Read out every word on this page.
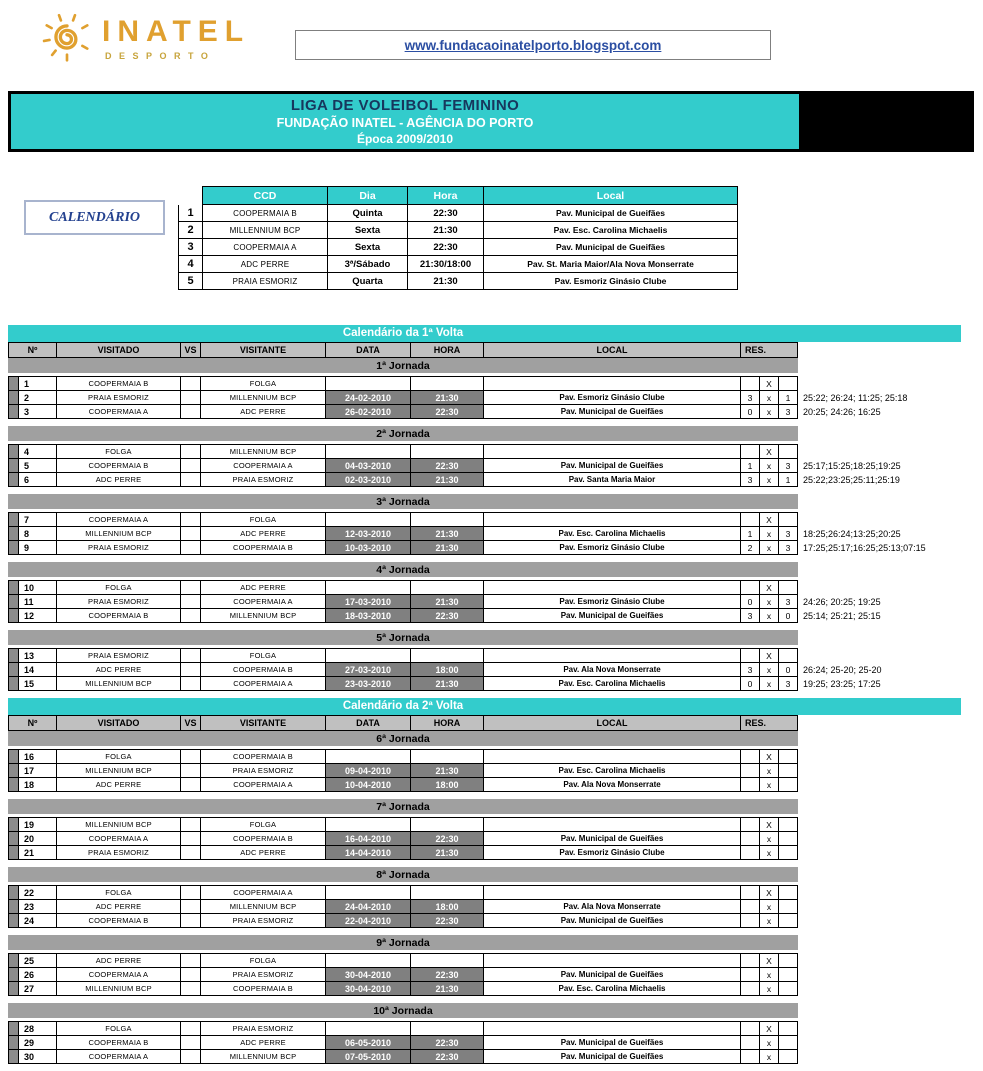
INATEL
DESPORTO
www.fundacaoinatelporto.blogspot.com
LIGA DE VOLEIBOL FEMININO
FUNDAÇÃO INATEL - AGÊNCIA DO PORTO
Época 2009/2010
CALENDÁRIO
CCD	Dia	Hora	Local
1	COOPERMAIA B	Quinta	22:30	Pav. Municipal de Gueifães
2	MILLENNIUM BCP	Sexta	21:30	Pav. Esc. Carolina Michaelis
3	COOPERMAIA A	Sexta	22:30	Pav. Municipal de Gueifães
4	ADC PERRE	3ª/Sábado	21:30/18:00	Pav. St. Maria Maior/Ala Nova Monserrate
5	PRAIA ESMORIZ	Quarta	21:30	Pav. Esmoriz Ginásio Clube
Calendário da 1ª Volta
Nº	VISITADO	VS	VISITANTE	DATA	HORA	LOCAL	RES.
1ª Jornada
1	COOPERMAIA B	FOLGA	X
2	PRAIA ESMORIZ	MILLENNIUM BCP	24-02-2010	21:30	Pav. Esmoriz Ginásio Clube	3	x	1	25:22; 26:24; 11:25; 25:18
3	COOPERMAIA A	ADC PERRE	26-02-2010	22:30	Pav. Municipal de Gueifães	0	x	3	20:25; 24:26; 16:25
2ª Jornada
4	FOLGA	MILLENNIUM BCP	X
5	COOPERMAIA B	COOPERMAIA A	04-03-2010	22:30	Pav. Municipal de Gueifães	1	x	3	25:17;15:25;18:25;19:25
6	ADC PERRE	PRAIA ESMORIZ	02-03-2010	21:30	Pav. Santa Maria Maior	3	x	1	25:22;23:25;25:11;25:19
3ª Jornada
7	COOPERMAIA A	FOLGA	X
8	MILLENNIUM BCP	ADC PERRE	12-03-2010	21:30	Pav. Esc. Carolina Michaelis	1	x	3	18:25;26:24;13:25;20:25
9	PRAIA ESMORIZ	COOPERMAIA B	10-03-2010	21:30	Pav. Esmoriz Ginásio Clube	2	x	3	17:25;25:17;16:25;25:13;07:15
4ª Jornada
10	FOLGA	ADC PERRE	X
11	PRAIA ESMORIZ	COOPERMAIA A	17-03-2010	21:30	Pav. Esmoriz Ginásio Clube	0	x	3	24:26; 20:25; 19:25
12	COOPERMAIA B	MILLENNIUM BCP	18-03-2010	22:30	Pav. Municipal de Gueifães	3	x	0	25:14; 25:21; 25:15
5ª Jornada
13	PRAIA ESMORIZ	FOLGA	X
14	ADC PERRE	COOPERMAIA B	27-03-2010	18:00	Pav. Ala Nova Monserrate	3	x	0	26:24; 25-20; 25-20
15	MILLENNIUM BCP	COOPERMAIA A	23-03-2010	21:30	Pav. Esc. Carolina Michaelis	0	x	3	19:25; 23:25; 17:25
Calendário da 2ª Volta
Nº	VISITADO	VS	VISITANTE	DATA	HORA	LOCAL	RES.
6ª Jornada
16	FOLGA	COOPERMAIA B	X
17	MILLENNIUM BCP	PRAIA ESMORIZ	09-04-2010	21:30	Pav. Esc. Carolina Michaelis	x
18	ADC PERRE	COOPERMAIA A	10-04-2010	18:00	Pav. Ala Nova Monserrate	x
7ª Jornada
19	MILLENNIUM BCP	FOLGA	X
20	COOPERMAIA A	COOPERMAIA B	16-04-2010	22:30	Pav. Municipal de Gueifães	x
21	PRAIA ESMORIZ	ADC PERRE	14-04-2010	21:30	Pav. Esmoriz Ginásio Clube	x
8ª Jornada
22	FOLGA	COOPERMAIA A	X
23	ADC PERRE	MILLENNIUM BCP	24-04-2010	18:00	Pav. Ala Nova Monserrate	x
24	COOPERMAIA B	PRAIA ESMORIZ	22-04-2010	22:30	Pav. Municipal de Gueifães	x
9ª Jornada
25	ADC PERRE	FOLGA	X
26	COOPERMAIA A	PRAIA ESMORIZ	30-04-2010	22:30	Pav. Municipal de Gueifães	x
27	MILLENNIUM BCP	COOPERMAIA B	30-04-2010	21:30	Pav. Esc. Carolina Michaelis	x
10ª Jornada
28	FOLGA	PRAIA ESMORIZ	X
29	COOPERMAIA B	ADC PERRE	06-05-2010	22:30	Pav. Municipal de Gueifães	x
30	COOPERMAIA A	MILLENNIUM BCP	07-05-2010	22:30	Pav. Municipal de Gueifães	x
